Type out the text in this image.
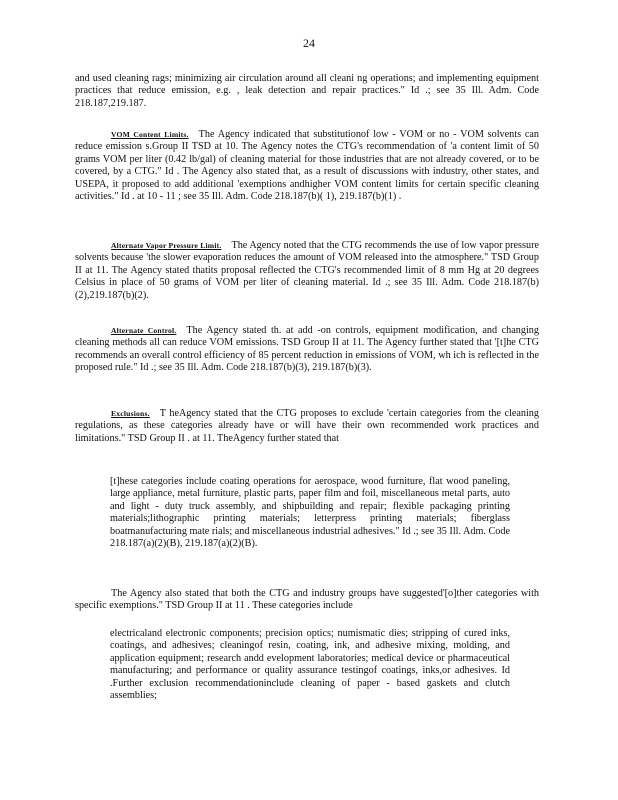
24
and used cleaning rags; minimizing air circulation around all cleani ng operations; and implementing equipment practices that reduce emission, e.g. , leak detection and repair practices." Id .; see 35 Ill. Adm. Code 218.187,219.187.
VOM Content Limits. The Agency indicated that substitutionof low - VOM or no - VOM solvents can reduce emission s.Group II TSD at 10. The Agency notes the CTG's recommendation of 'a content limit of 50 grams VOM per liter (0.42 lb/gal) of cleaning material for those industries that are not already covered, or to be covered, by a CTG." Id . The Agency also stated that, as a result of discussions with industry, other states, and USEPA, it proposed to add additional 'exemptions andhigher VOM content limits for certain specific cleaning activities." Id . at 10 - 11 ; see 35 Ill. Adm. Code 218.187(b)( 1), 219.187(b)(1) .
Alternate Vapor Pressure Limit. The Agency noted that the CTG recommends the use of low vapor pressure solvents because 'the slower evaporation reduces the amount of VOM released into the atmosphere." TSD Group II at 11. The Agency stated thatits proposal reflected the CTG's recommended limit of 8 mm Hg at 20 degrees Celsius in place of 50 grams of VOM per liter of cleaning material. Id .; see 35 Ill. Adm. Code 218.187(b)(2),219.187(b)(2).
Alternate Control. The Agency stated th. at add -on controls, equipment modification, and changing cleaning methods all can reduce VOM emissions. TSD Group II at 11. The Agency further stated that '[t]he CTG recommends an overall control efficiency of 85 percent reduction in emissions of VOM, wh ich is reflected in the proposed rule." Id .; see 35 Ill. Adm. Code 218.187(b)(3), 219.187(b)(3).
Exclusions. T heAgency stated that the CTG proposes to exclude 'certain categories from the cleaning regulations, as these categories already have or will have their own recommended work practices and limitations." TSD Group II . at 11. TheAgency further stated that
[t]hese categories include coating operations for aerospace, wood furniture, flat wood paneling, large appliance, metal furniture, plastic parts, paper film and foil, miscellaneous metal parts, auto and light - duty truck assembly, and shipbuilding and repair; flexible packaging printing materials;lithographic printing materials; letterpress printing materials; fiberglass boatmanufacturing mate rials; and miscellaneous industrial adhesives." Id .; see 35 Ill. Adm. Code 218.187(a)(2)(B), 219.187(a)(2)(B).
The Agency also stated that both the CTG and industry groups have suggested'[o]ther categories with specific exemptions." TSD Group II at 11 . These categories include
electricaland electronic components; precision optics; numismatic dies; stripping of cured inks, coatings, and adhesives; cleaningof resin, coating, ink, and adhesive mixing, molding, and application equipment; research andd evelopment laboratories; medical device or pharmaceutical manufacturing; and performance or quality assurance testingof coatings, inks,or adhesives. Id .Further exclusion recommendationinclude cleaning of paper - based gaskets and clutch assemblies;
